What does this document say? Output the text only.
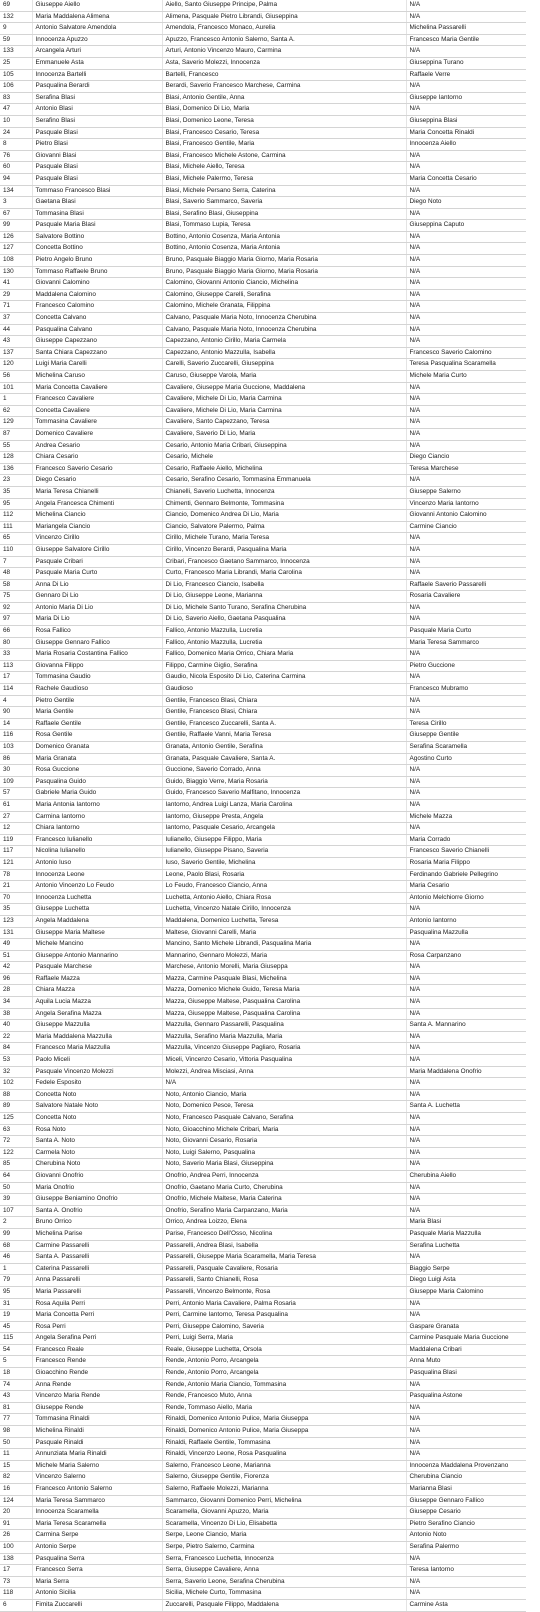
69	Giuseppe Aiello	Aiello, Santo Giuseppe Principe, Palma	N/A
132	Maria Maddalena Alimena	Alimena, Pasquale Pietro Librandi, Giuseppina	N/A
9	Antonio Salvatore Amendola	Amendola, Francesco Monaco, Aurelia	Michelina Passarelli
59	Innocenza Apuzzo	Apuzzo, Francesco Antonio Salerno, Santa A.	Francesco Maria Gentile
133	Arcangela Arturi	Arturi, Antonio Vincenzo Mauro, Carmina	N/A
25	Emmanuele Asta	Asta, Saverio Molezzi, Innocenza	Giuseppina Turano
105	Innocenza Bartelli	Bartelli, Francesco	Raffaele Verre
106	Pasqualina Berardi	Berardi, Saverio Francesco Marchese, Carmina	N/A
83	Serafina Blasi	Blasi, Antonio Gentile, Anna	Giuseppe Iantorno
47	Antonio Blasi	Blasi, Domenico Di Lio, Maria	N/A
10	Serafino Blasi	Blasi, Domenico Leone, Teresa	Giuseppina Blasi
24	Pasquale Blasi	Blasi, Francesco Cesario, Teresa	Maria Concetta Rinaldi
8	Pietro Blasi	Blasi, Francesco Gentile, Maria	Innocenza Aiello
76	Giovanni Blasi	Blasi, Francesco Michele Astone, Carmina	N/A
60	Pasquale Blasi	Blasi, Michele Aiello, Teresa	N/A
94	Pasquale Blasi	Blasi, Michele Palermo, Teresa	Maria Concetta Cesario
134	Tommaso Francesco Blasi	Blasi, Michele Persano Serra, Caterina	N/A
3	Gaetana Blasi	Blasi, Saverio Sammarco, Saveria	Diego Noto
67	Tommasina Blasi	Blasi, Serafino Blasi, Giuseppina	N/A
99	Pasquale Maria Blasi	Blasi, Tommaso Lupia, Teresa	Giuseppina Caputo
126	Salvatore Bottino	Bottino, Antonio Cosenza, Maria Antonia	N/A
127	Concetta Bottino	Bottino, Antonio Cosenza, Maria Antonia	N/A
108	Pietro Angelo Bruno	Bruno, Pasquale Biaggio Maria Giorno, Maria Rosaria	N/A
130	Tommaso Raffaele Bruno	Bruno, Pasquale Biaggio Maria Giorno, Maria Rosaria	N/A
41	Giovanni Calomino	Calomino, Giovanni Antonio Ciancio, Michelina	N/A
29	Maddalena Calomino	Calomino, Giuseppe Carelli, Serafina	N/A
71	Francesco Calomino	Calomino, Michele Granata, Filippina	N/A
37	Concetta Calvano	Calvano, Pasquale Maria Noto, Innocenza Cherubina	N/A
44	Pasqualina Calvano	Calvano, Pasquale Maria Noto, Innocenza Cherubina	N/A
43	Giuseppe Capezzano	Capezzano, Antonio Cirillo, Maria Carmela	N/A
137	Santa Chiara Capezzano	Capezzano, Antonio Mazzulla, Isabella	Francesco Saverio Calomino
120	Luigi Maria Carelli	Carelli, Saverio Zuccarelli, Giuseppina	Teresa Pasqualina Scaramella
56	Michelina Caruso	Caruso, Giuseppe Varola, Maria	Michele Maria Curto
101	Maria Concetta Cavaliere	Cavaliere, Giuseppe Maria Guccione, Maddalena	N/A
1	Francesco Cavaliere	Cavaliere, Michele Di Lio, Maria Carmina	N/A
62	Concetta Cavaliere	Cavaliere, Michele Di Lio, Maria Carmina	N/A
129	Tommasina Cavaliere	Cavaliere, Santo Capezzano, Teresa	N/A
87	Domenico Cavaliere	Cavaliere, Saverio Di Lio, Maria	N/A
55	Andrea Cesario	Cesario, Antonio Maria Cribari, Giuseppina	N/A
128	Chiara Cesario	Cesario, Michele	Diego Ciancio
136	Francesco Saverio Cesario	Cesario, Raffaele Aiello, Michelina	Teresa Marchese
23	Diego Cesario	Cesario, Serafino Cesario, Tommasina Emmanuela	N/A
35	Maria Teresa Chianelli	Chianelli, Saverio Luchetta, Innocenza	Giuseppe Salerno
95	Angela Francesca Chimenti	Chimenti, Gennaro Belmonte, Tommasina	Vincenzo Maria Iantorno
112	Michelina Ciancio	Ciancio, Domenico Andrea Di Lio, Maria	Giovanni Antonio Calomino
111	Mariangela Ciancio	Ciancio, Salvatore Palermo, Palma	Carmine Ciancio
65	Vincenzo Cirillo	Cirillo, Michele Turano, Maria Teresa	N/A
110	Giuseppe Salvatore Cirillo	Cirillo, Vincenzo Berardi, Pasqualina Maria	N/A
7	Pasquale Cribari	Cribari, Francesco Gaetano Sammarco, Innocenza	N/A
48	Pasquale Maria Curto	Curto, Francesco Maria Librandi, Maria Carolina	N/A
58	Anna Di Lio	Di Lio, Francesco Ciancio, Isabella	Raffaele Saverio Passarelli
75	Gennaro Di Lio	Di Lio, Giuseppe Leone, Marianna	Rosaria Cavaliere
92	Antonio Maria Di Lio	Di Lio, Michele Santo Turano, Serafina Cherubina	N/A
97	Maria Di Lio	Di Lio, Saverio Aiello, Gaetana Pasqualina	N/A
66	Rosa Fallico	Fallico, Antonio Mazzulla, Lucretia	Pasquale Maria Curto
80	Giuseppe Gennaro Fallico	Fallico, Antonio Mazzulla, Lucretia	Maria Teresa Sammarco
33	Maria Rosaria Costantina Fallico	Fallico, Domenico Maria Orrico, Chiara Maria	N/A
113	Giovanna Filippo	Filippo, Carmine Giglio, Serafina	Pietro Guccione
17	Tommasina Gaudio	Gaudio, Nicola Esposito Di Lio, Caterina Carmina	N/A
114	Rachele Gaudioso	Gaudioso	Francesco Mubramo
4	Pietro Gentile	Gentile, Francesco Blasi, Chiara	N/A
90	Maria Gentile	Gentile, Francesco Blasi, Chiara	N/A
14	Raffaele Gentile	Gentile, Francesco Zuccarelli, Santa A.	Teresa Cirillo
116	Rosa Gentile	Gentile, Raffaele Vanni, Maria Teresa	Giuseppe Gentile
103	Domenico Granata	Granata, Antonio Gentile, Serafina	Serafina Scaramella
86	Maria Granata	Granata, Pasquale Cavaliere, Santa A.	Agostino Curto
30	Rosa Guccione	Guccione, Saverio Corrado, Anna	N/A
109	Pasqualina Guido	Guido, Biaggio Verre, Maria Rosaria	N/A
57	Gabriele Maria Guido	Guido, Francesco Saverio Malfitano, Innocenza	N/A
61	Maria Antonia Iantorno	Iantorno, Andrea Luigi Lanza, Maria Carolina	N/A
27	Carmina Iantorno	Iantorno, Giuseppe Presta, Angela	Michele Mazza
12	Chiara Iantorno	Iantorno, Pasquale Cesario, Arcangela	N/A
119	Francesco Iulianello	Iulianello, Giuseppe Filippo, Maria	Maria Corrado
117	Nicolina Iulianello	Iulianello, Giuseppe Pisano, Saveria	Francesco Saverio Chianelli
121	Antonio Iuso	Iuso, Saverio Gentile, Michelina	Rosaria Maria Filippo
78	Innocenza Leone	Leone, Paolo Blasi, Rosaria	Ferdinando Gabriele Pellegrino
21	Antonio Vincenzo Lo Feudo	Lo Feudo, Francesco Ciancio, Anna	Maria Cesario
70	Innocenza Luchetta	Luchetta, Antonio Aiello, Chiara Rosa	Antonio Melchiorre Giorno
35	Giuseppe Luchetta	Luchetta, Vincenzo Natale Cirillo, Innocenza	N/A
123	Angela Maddalena	Maddalena, Domenico Luchetta, Teresa	Antonio Iantorno
131	Giuseppe Maria Maltese	Maltese, Giovanni Carelli, Maria	Pasqualina Mazzulla
49	Michele Mancino	Mancino, Santo Michele Librandi, Pasqualina Maria	N/A
51	Giuseppe Antonio Mannarino	Mannarino, Gennaro Molezzi, Maria	Rosa Carpanzano
42	Pasquale Marchese	Marchese, Antonio Morelli, Maria Giuseppa	N/A
96	Raffaele Mazza	Mazza, Carmine Pasquale Blasi, Michelina	N/A
28	Chiara Mazza	Mazza, Domenico Michele Guido, Teresa Maria	N/A
34	Aquila Lucia Mazza	Mazza, Giuseppe Maltese, Pasqualina Carolina	N/A
38	Angela Serafina Mazza	Mazza, Giuseppe Maltese, Pasqualina Carolina	N/A
40	Giuseppe Mazzulla	Mazzulla, Gennaro Passarelli, Pasqualina	Santa A. Mannarino
22	Maria Maddalena Mazzulla	Mazzulla, Serafino Maria Mazzulla, Maria	N/A
84	Francesco Maria Mazzulla	Mazzulla, Vincenzo Giuseppe Pagliaro, Rosaria	N/A
53	Paolo Miceli	Miceli, Vincenzo Cesario, Vittoria Pasqualina	N/A
32	Pasquale Vincenzo Molezzi	Molezzi, Andrea Misciasi, Anna	Maria Maddalena Onofrio
102	Fedele Esposito	N/A	N/A
88	Concetta Noto	Noto, Antonio Ciancio, Maria	N/A
89	Salvatore Natale Noto	Noto, Domenico Pesce, Teresa	Santa A. Luchetta
125	Concetta Noto	Noto, Francesco Pasquale Calvano, Serafina	N/A
63	Rosa Noto	Noto, Gioacchino Michele Cribari, Maria	N/A
72	Santa A. Noto	Noto, Giovanni Cesario, Rosaria	N/A
122	Carmela Noto	Noto, Luigi Salerno, Pasqualina	N/A
85	Cherubina Noto	Noto, Saverio Maria Blasi, Giuseppina	N/A
64	Giovanni Onofrio	Onofrio, Andrea Perri, Innocenza	Cherubina Aiello
50	Maria Onofrio	Onofrio, Gaetano Maria Curto, Cherubina	N/A
39	Giuseppe Beniamino Onofrio	Onofrio, Michele Maltese, Maria Caterina	N/A
107	Santa A. Onofrio	Onofrio, Serafino Maria Carpanzano, Maria	N/A
2	Bruno Orrico	Orrico, Andrea Loizzo, Elena	Maria Blasi
99	Michelina Parise	Parise, Francesco Dell'Osso, Nicolina	Pasquale Maria Mazzulla
68	Carmine Passarelli	Passarelli, Andrea Blasi, Isabella	Serafina Luchetta
46	Santa A. Passarelli	Passarelli, Giuseppe Maria Scaramella, Maria Teresa	N/A
1	Caterina Passarelli	Passarelli, Pasquale Cavaliere, Rosaria	Biaggio Serpe
79	Anna Passarelli	Passarelli, Santo Chianelli, Rosa	Diego Luigi Asta
95	Maria Passarelli	Passarelli, Vincenzo Belmonte, Rosa	Giuseppe Maria Calomino
31	Rosa Aquila Perri	Perri, Antonio Maria Cavaliere, Palma Rosaria	N/A
19	Maria Concetta Perri	Perri, Carmine Iantorno, Teresa Pasqualina	N/A
45	Rosa Perri	Perri, Giuseppe Calomino, Saveria	Gaspare Granata
115	Angela Serafina Perri	Perri, Luigi Serra, Maria	Carmine Pasquale Maria Guccione
54	Francesco Reale	Reale, Giuseppe Luchetta, Orsola	Maddalena Cribari
5	Francesco Rende	Rende, Antonio Porro, Arcangela	Anna Muto
18	Gioacchino Rende	Rende, Antonio Porro, Arcangela	Pasqualina Blasi
74	Anna Rende	Rende, Antonio Maria Ciancio, Tommasina	N/A
43	Vincenzo Maria Rende	Rende, Francesco Muto, Anna	Pasqualina Astone
81	Giuseppe Rende	Rende, Tommaso Aiello, Maria	N/A
77	Tommasina Rinaldi	Rinaldi, Domenico Antonio Pulice, Maria Giuseppa	N/A
98	Michelina Rinaldi	Rinaldi, Domenico Antonio Pulice, Maria Giuseppa	N/A
50	Pasquale Rinaldi	Rinaldi, Raffaele Gentile, Tommasina	N/A
11	Annunziata Maria Rinaldi	Rinaldi, Vincenzo Leone, Rosa Pasqualina	N/A
15	Michele Maria Salerno	Salerno, Francesco Leone, Marianna	Innocenza Maddalena Provenzano
82	Vincenzo Salerno	Salerno, Giuseppe Gentile, Fiorenza	Cherubina Ciancio
16	Francesco Antonio Salerno	Salerno, Raffaele Molezzi, Marianna	Marianna Blasi
124	Maria Teresa Sammarco	Sammarco, Giovanni Domenico Perri, Michelina	Giuseppe Gennaro Fallico
20	Innocenza Scaramella	Scaramella, Giovanni Apuzzo, Maria	Giuseppe Cesario
91	Maria Teresa Scaramella	Scaramella, Vincenzo Di Lio, Elisabetta	Pietro Serafino Ciancio
26	Carmina Serpe	Serpe, Leone Ciancio, Maria	Antonio Noto
100	Antonio Serpe	Serpe, Pietro Salerno, Carmina	Serafina Palermo
138	Pasqualina Serra	Serra, Francesco Luchetta, Innocenza	N/A
17	Francesco Serra	Serra, Giuseppe Cavaliere, Anna	Teresa Iantorno
73	Maria Serra	Serra, Saverio Leone, Serafina Cherubina	N/A
118	Antonio Sicilia	Sicilia, Michele Curto, Tommasina	N/A
6	Fimita Zuccarelli	Zuccarelli, Pasquale Filippo, Maddalena	Carmine Asta
